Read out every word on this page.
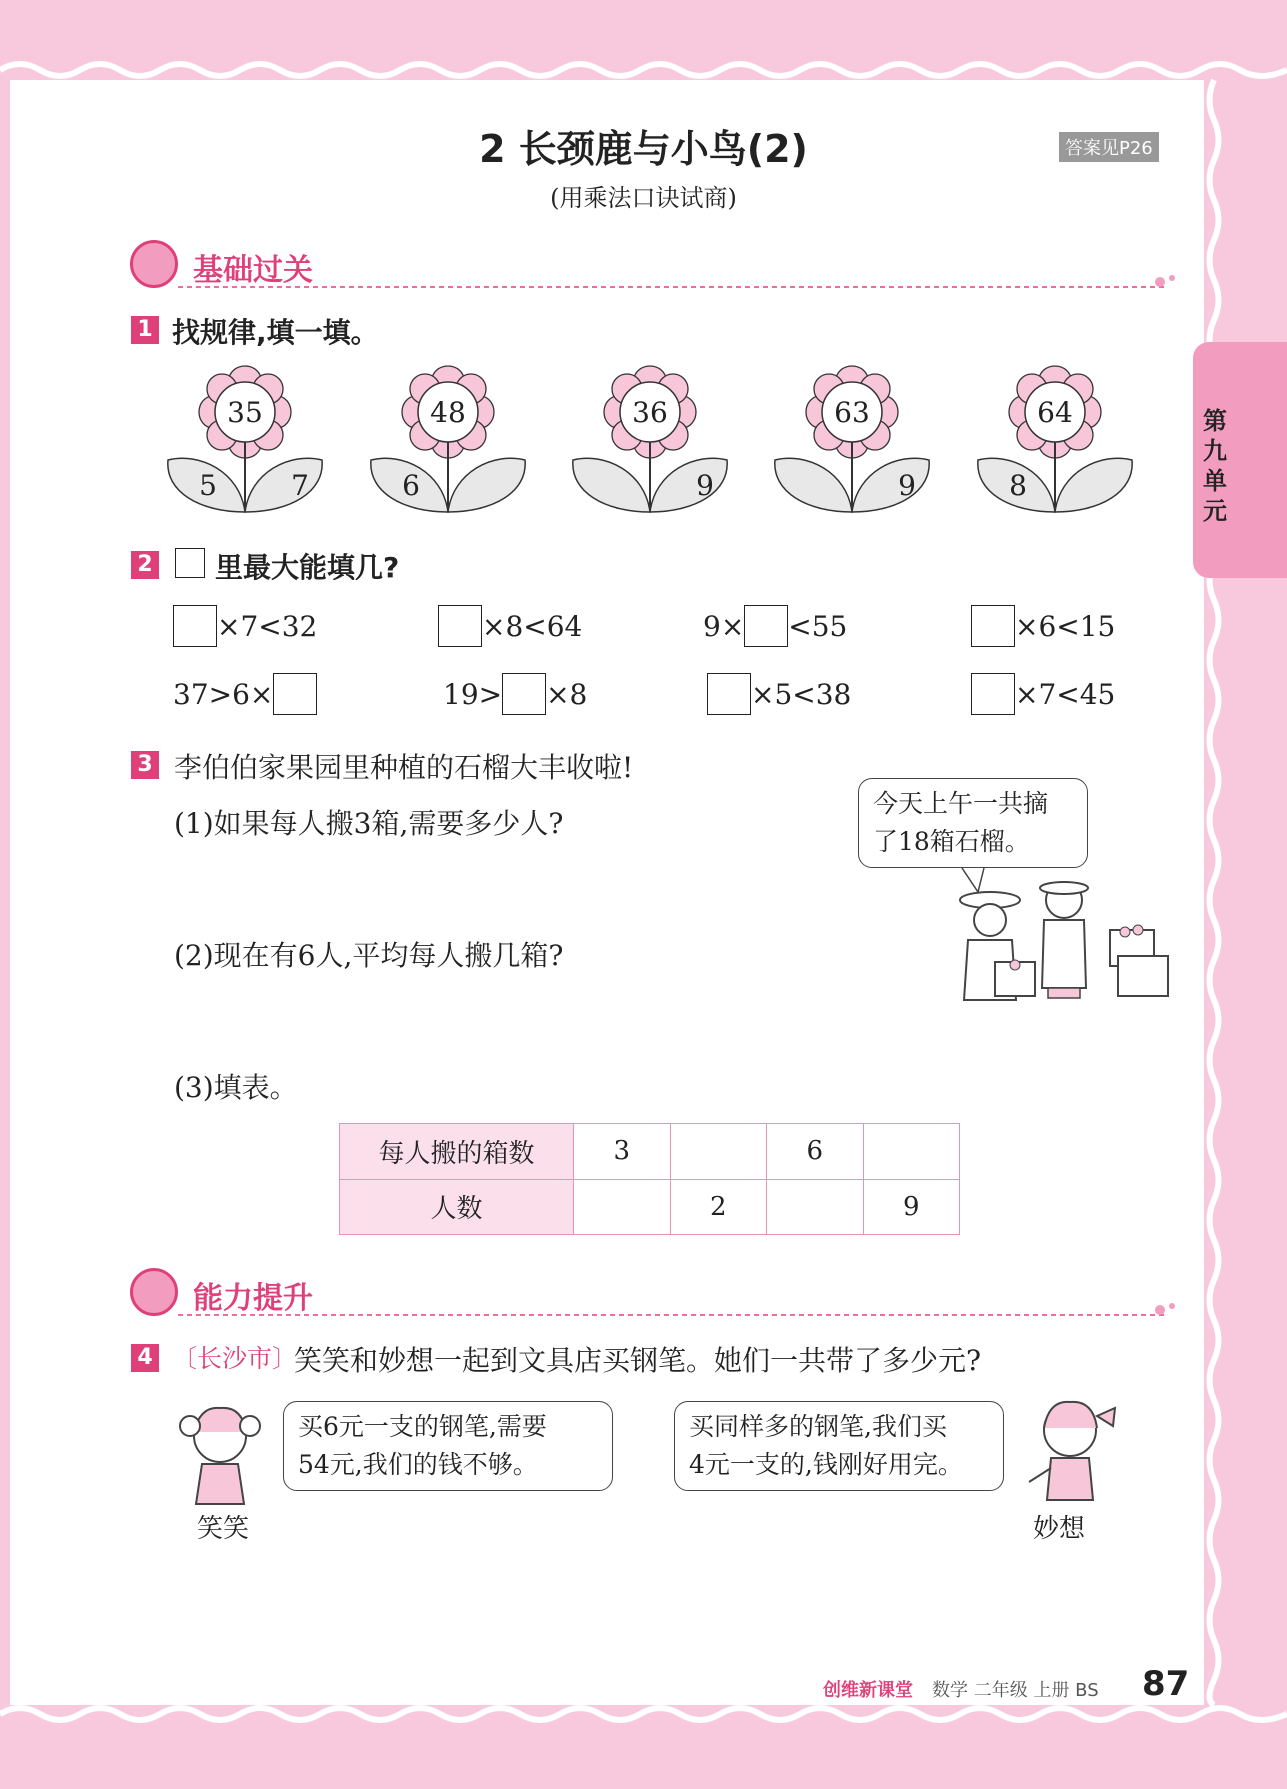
2 长颈鹿与小鸟(2)
(用乘法口诀试商)
答案见P26
第九单元
基础过关
1 找规律,填一填。
35
5	7
48
6
36
9
63
9
64
8
2 里最大能填几?
×7<32	×8<64	9× <55	×6<15
37>6×	19> ×8	×5<38	×7<45
3 李伯伯家果园里种植的石榴大丰收啦!
(1)如果每人搬3箱,需要多少人?
(2)现在有6人,平均每人搬几箱?
(3)填表。
今天上午一共摘
了18箱石榴。
每人搬的箱数	3		6	
人数		2		9
能力提升
4 〔长沙市〕
笑笑和妙想一起到文具店买钢笔。她们一共带了多少元?
买6元一支的钢笔,需要
54元,我们的钱不够。
笑笑
买同样多的钢笔,我们买
4元一支的,钱刚好用完。
妙想
创维新课堂 数学 二年级 上册 BS 87
